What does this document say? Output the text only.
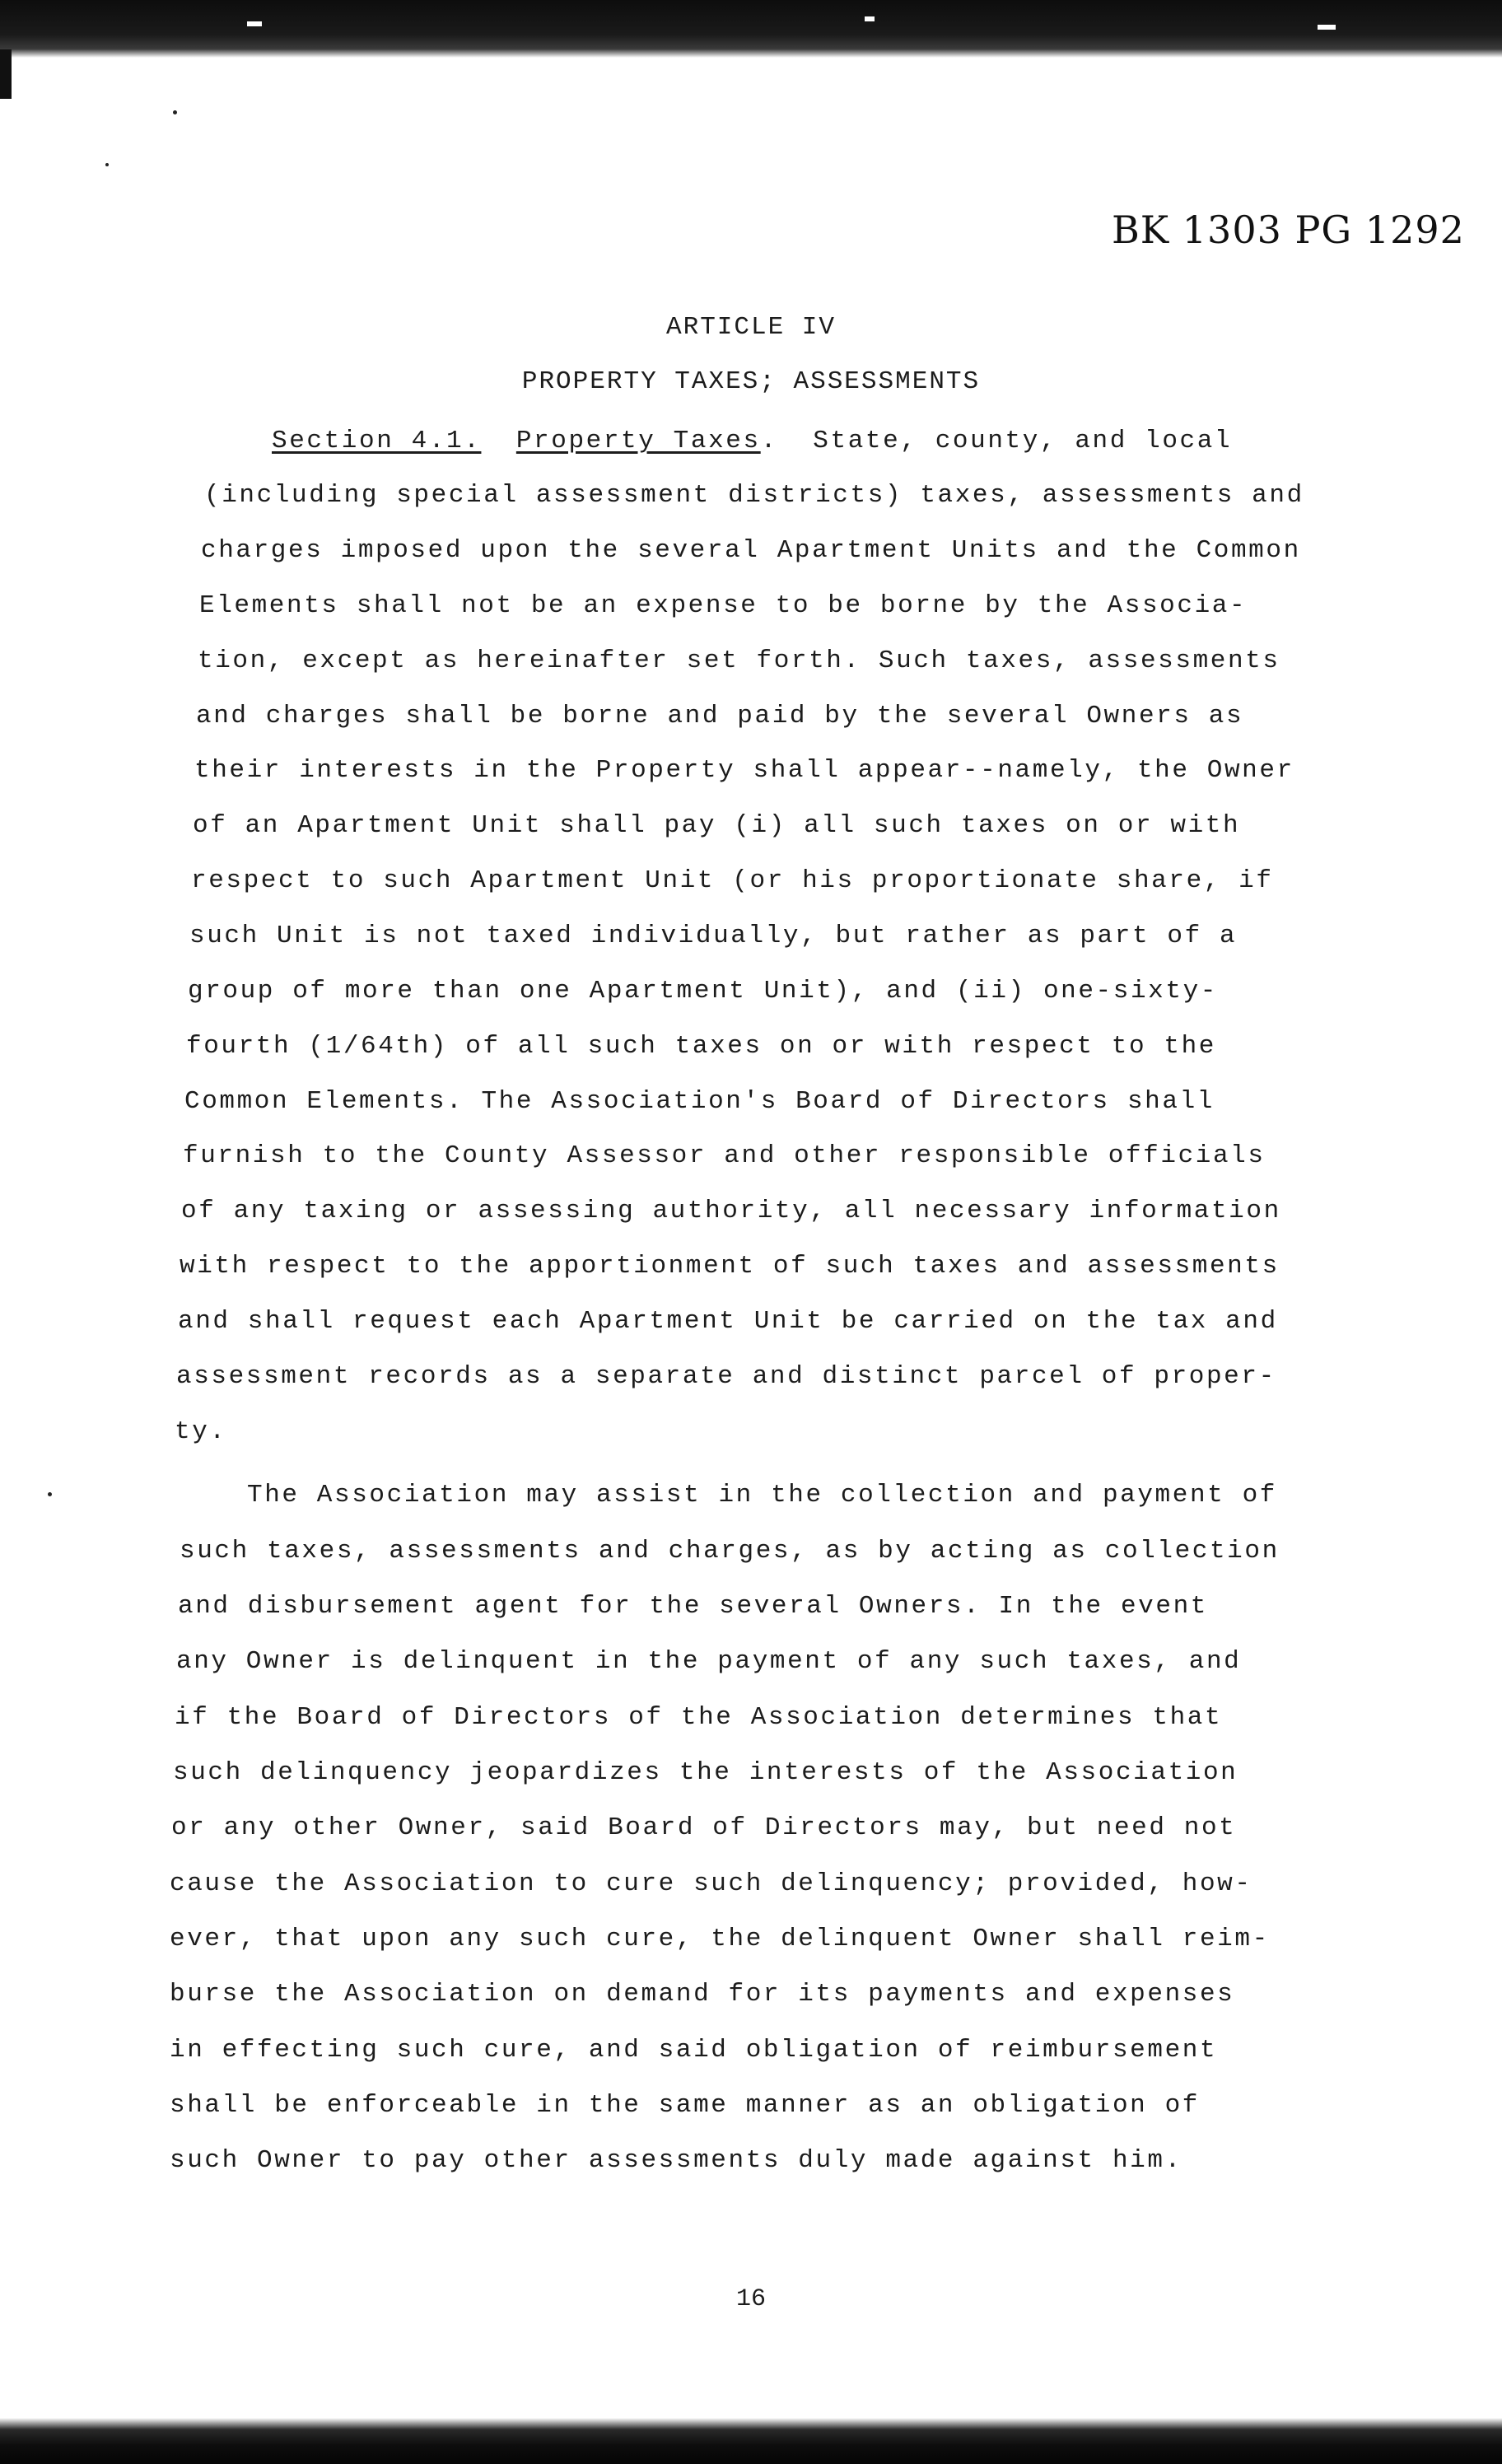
BK 1303 PG 1292
ARTICLE IV
PROPERTY TAXES; ASSESSMENTS
Section 4.1. Property Taxes.  State, county, and local
(including special assessment districts) taxes, assessments and
charges imposed upon the several Apartment Units and the Common
Elements shall not be an expense to be borne by the Associa-
tion, except as hereinafter set forth. Such taxes, assessments
and charges shall be borne and paid by the several Owners as
their interests in the Property shall appear--namely, the Owner
of an Apartment Unit shall pay (i) all such taxes on or with
respect to such Apartment Unit (or his proportionate share, if
such Unit is not taxed individually, but rather as part of a
group of more than one Apartment Unit), and (ii) one-sixty-
fourth (1/64th) of all such taxes on or with respect to the
Common Elements. The Association's Board of Directors shall
furnish to the County Assessor and other responsible officials
of any taxing or assessing authority, all necessary information
with respect to the apportionment of such taxes and assessments
and shall request each Apartment Unit be carried on the tax and
assessment records as a separate and distinct parcel of proper-
ty.
The Association may assist in the collection and payment of
such taxes, assessments and charges, as by acting as collection
and disbursement agent for the several Owners. In the event
any Owner is delinquent in the payment of any such taxes, and
if the Board of Directors of the Association determines that
such delinquency jeopardizes the interests of the Association
or any other Owner, said Board of Directors may, but need not
cause the Association to cure such delinquency; provided, how-
ever, that upon any such cure, the delinquent Owner shall reim-
burse the Association on demand for its payments and expenses
in effecting such cure, and said obligation of reimbursement
shall be enforceable in the same manner as an obligation of
such Owner to pay other assessments duly made against him.
16
